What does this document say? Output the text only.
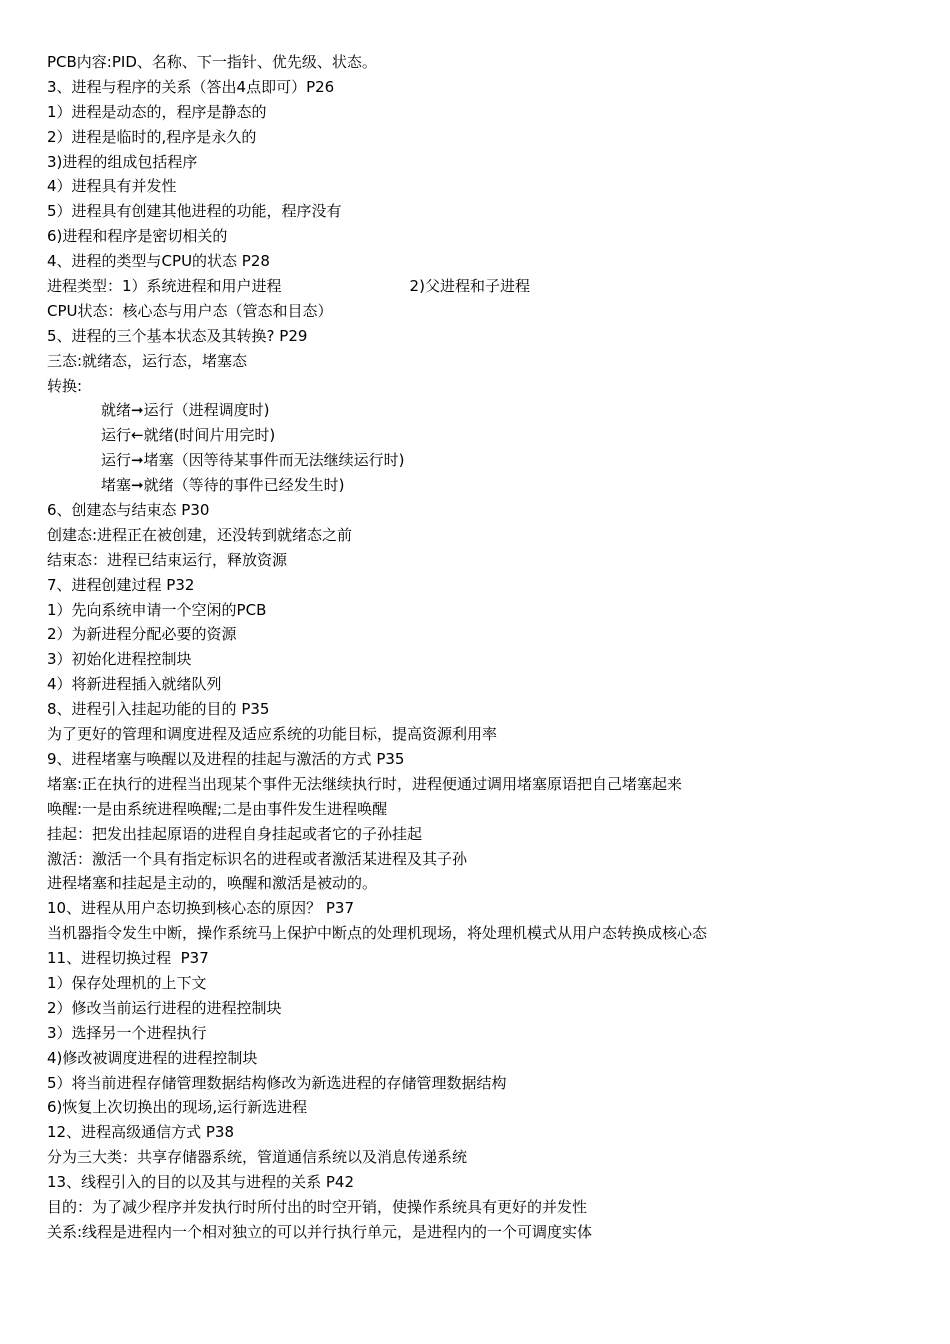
PCB内容:PID、名称、下一指针、优先级、状态。
3、进程与程序的关系（答出4点即可）P26
1）进程是动态的，程序是静态的
2）进程是临时的,程序是永久的
3)进程的组成包括程序
4）进程具有并发性
5）进程具有创建其他进程的功能，程序没有
6)进程和程序是密切相关的
4、进程的类型与CPU的状态 P28
进程类型：1）系统进程和用户进程	2)父进程和子进程
CPU状态：核心态与用户态（管态和目态）
5、进程的三个基本状态及其转换? P29
三态:就绪态，运行态，堵塞态
转换:
就绪➞运行（进程调度时)
运行←就绪(时间片用完时)
运行➞堵塞（因等待某事件而无法继续运行时)
堵塞➞就绪（等待的事件已经发生时)
6、创建态与结束态 P30
创建态:进程正在被创建，还没转到就绪态之前
结束态：进程已结束运行，释放资源
7、进程创建过程 P32
1）先向系统申请一个空闲的PCB
2）为新进程分配必要的资源
3）初始化进程控制块
4）将新进程插入就绪队列
8、进程引入挂起功能的目的 P35
为了更好的管理和调度进程及适应系统的功能目标，提高资源利用率
9、进程堵塞与唤醒以及进程的挂起与激活的方式 P35
堵塞:正在执行的进程当出现某个事件无法继续执行时，进程便通过调用堵塞原语把自己堵塞起来
唤醒:一是由系统进程唤醒;二是由事件发生进程唤醒
挂起：把发出挂起原语的进程自身挂起或者它的子孙挂起
激活：激活一个具有指定标识名的进程或者激活某进程及其子孙
进程堵塞和挂起是主动的，唤醒和激活是被动的。
10、进程从用户态切换到核心态的原因？ P37
当机器指令发生中断，操作系统马上保护中断点的处理机现场，将处理机模式从用户态转换成核心态
11、进程切换过程  P37
1）保存处理机的上下文
2）修改当前运行进程的进程控制块
3）选择另一个进程执行
4)修改被调度进程的进程控制块
5）将当前进程存储管理数据结构修改为新选进程的存储管理数据结构
6)恢复上次切换出的现场,运行新选进程
12、进程高级通信方式 P38
分为三大类：共享存储器系统，管道通信系统以及消息传递系统
13、线程引入的目的以及其与进程的关系 P42
目的：为了减少程序并发执行时所付出的时空开销，使操作系统具有更好的并发性
关系:线程是进程内一个相对独立的可以并行执行单元，是进程内的一个可调度实体
